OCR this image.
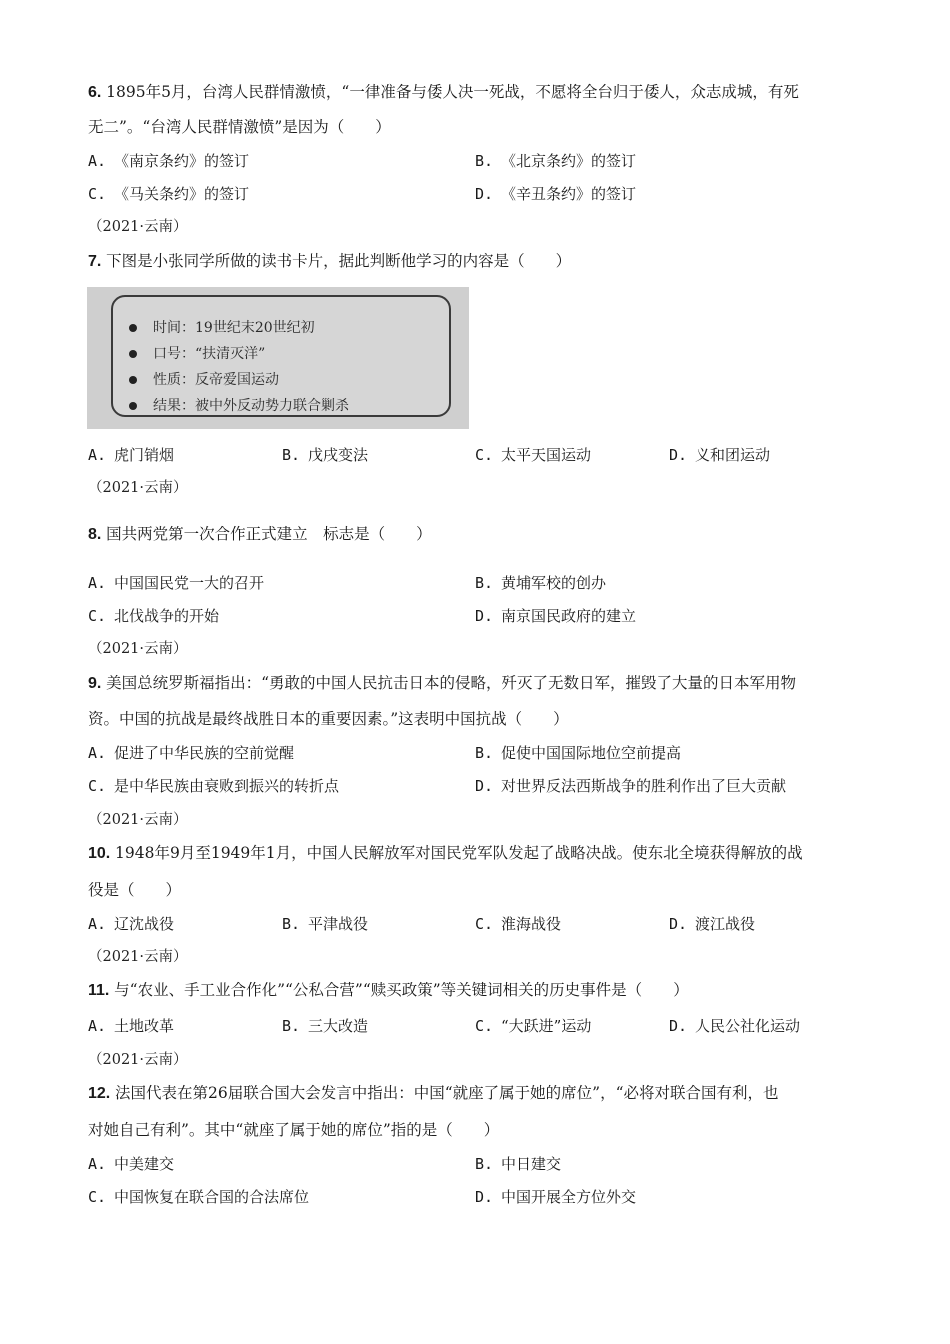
6. 1895年5月，台湾人民群情激愤，“一律准备与倭人决一死战，不愿将全台归于倭人，众志成城，有死
无二”。“台湾人民群情激愤”是因为（　　）
A. 《南京条约》的签订	B. 《北京条约》的签订
C. 《马关条约》的签订	D. 《辛丑条约》的签订
（2021·云南）
7. 下图是小张同学所做的读书卡片，据此判断他学习的内容是（　　）
时间：19世纪末20世纪初
口号：“扶清灭洋”
性质：反帝爱国运动
结果：被中外反动势力联合剿杀
A. 虎门销烟	B. 戊戌变法	C. 太平天国运动	D. 义和团运动
（2021·云南）
8. 国共两党第一次合作正式建立　标志是（　　）
A. 中国国民党一大的召开	B. 黄埔军校的创办
C. 北伐战争的开始	D. 南京国民政府的建立
（2021·云南）
9. 美国总统罗斯福指出：“勇敢的中国人民抗击日本的侵略，歼灭了无数日军，摧毁了大量的日本军用物
资。中国的抗战是最终战胜日本的重要因素。”这表明中国抗战（　　）
A. 促进了中华民族的空前觉醒	B. 促使中国国际地位空前提高
C. 是中华民族由衰败到振兴的转折点	D. 对世界反法西斯战争的胜利作出了巨大贡献
（2021·云南）
10. 1948年9月至1949年1月，中国人民解放军对国民党军队发起了战略决战。使东北全境获得解放的战
役是（　　）
A. 辽沈战役	B. 平津战役	C. 淮海战役	D. 渡江战役
（2021·云南）
11. 与“农业、手工业合作化”“公私合营”“赎买政策”等关键词相关的历史事件是（　　）
A. 土地改革	B. 三大改造	C. “大跃进”运动	D. 人民公社化运动
（2021·云南）
12. 法国代表在第26届联合国大会发言中指出：中国“就座了属于她的席位”，“必将对联合国有利，也
对她自己有利”。其中“就座了属于她的席位”指的是（　　）
A. 中美建交	B. 中日建交
C. 中国恢复在联合国的合法席位	D. 中国开展全方位外交
